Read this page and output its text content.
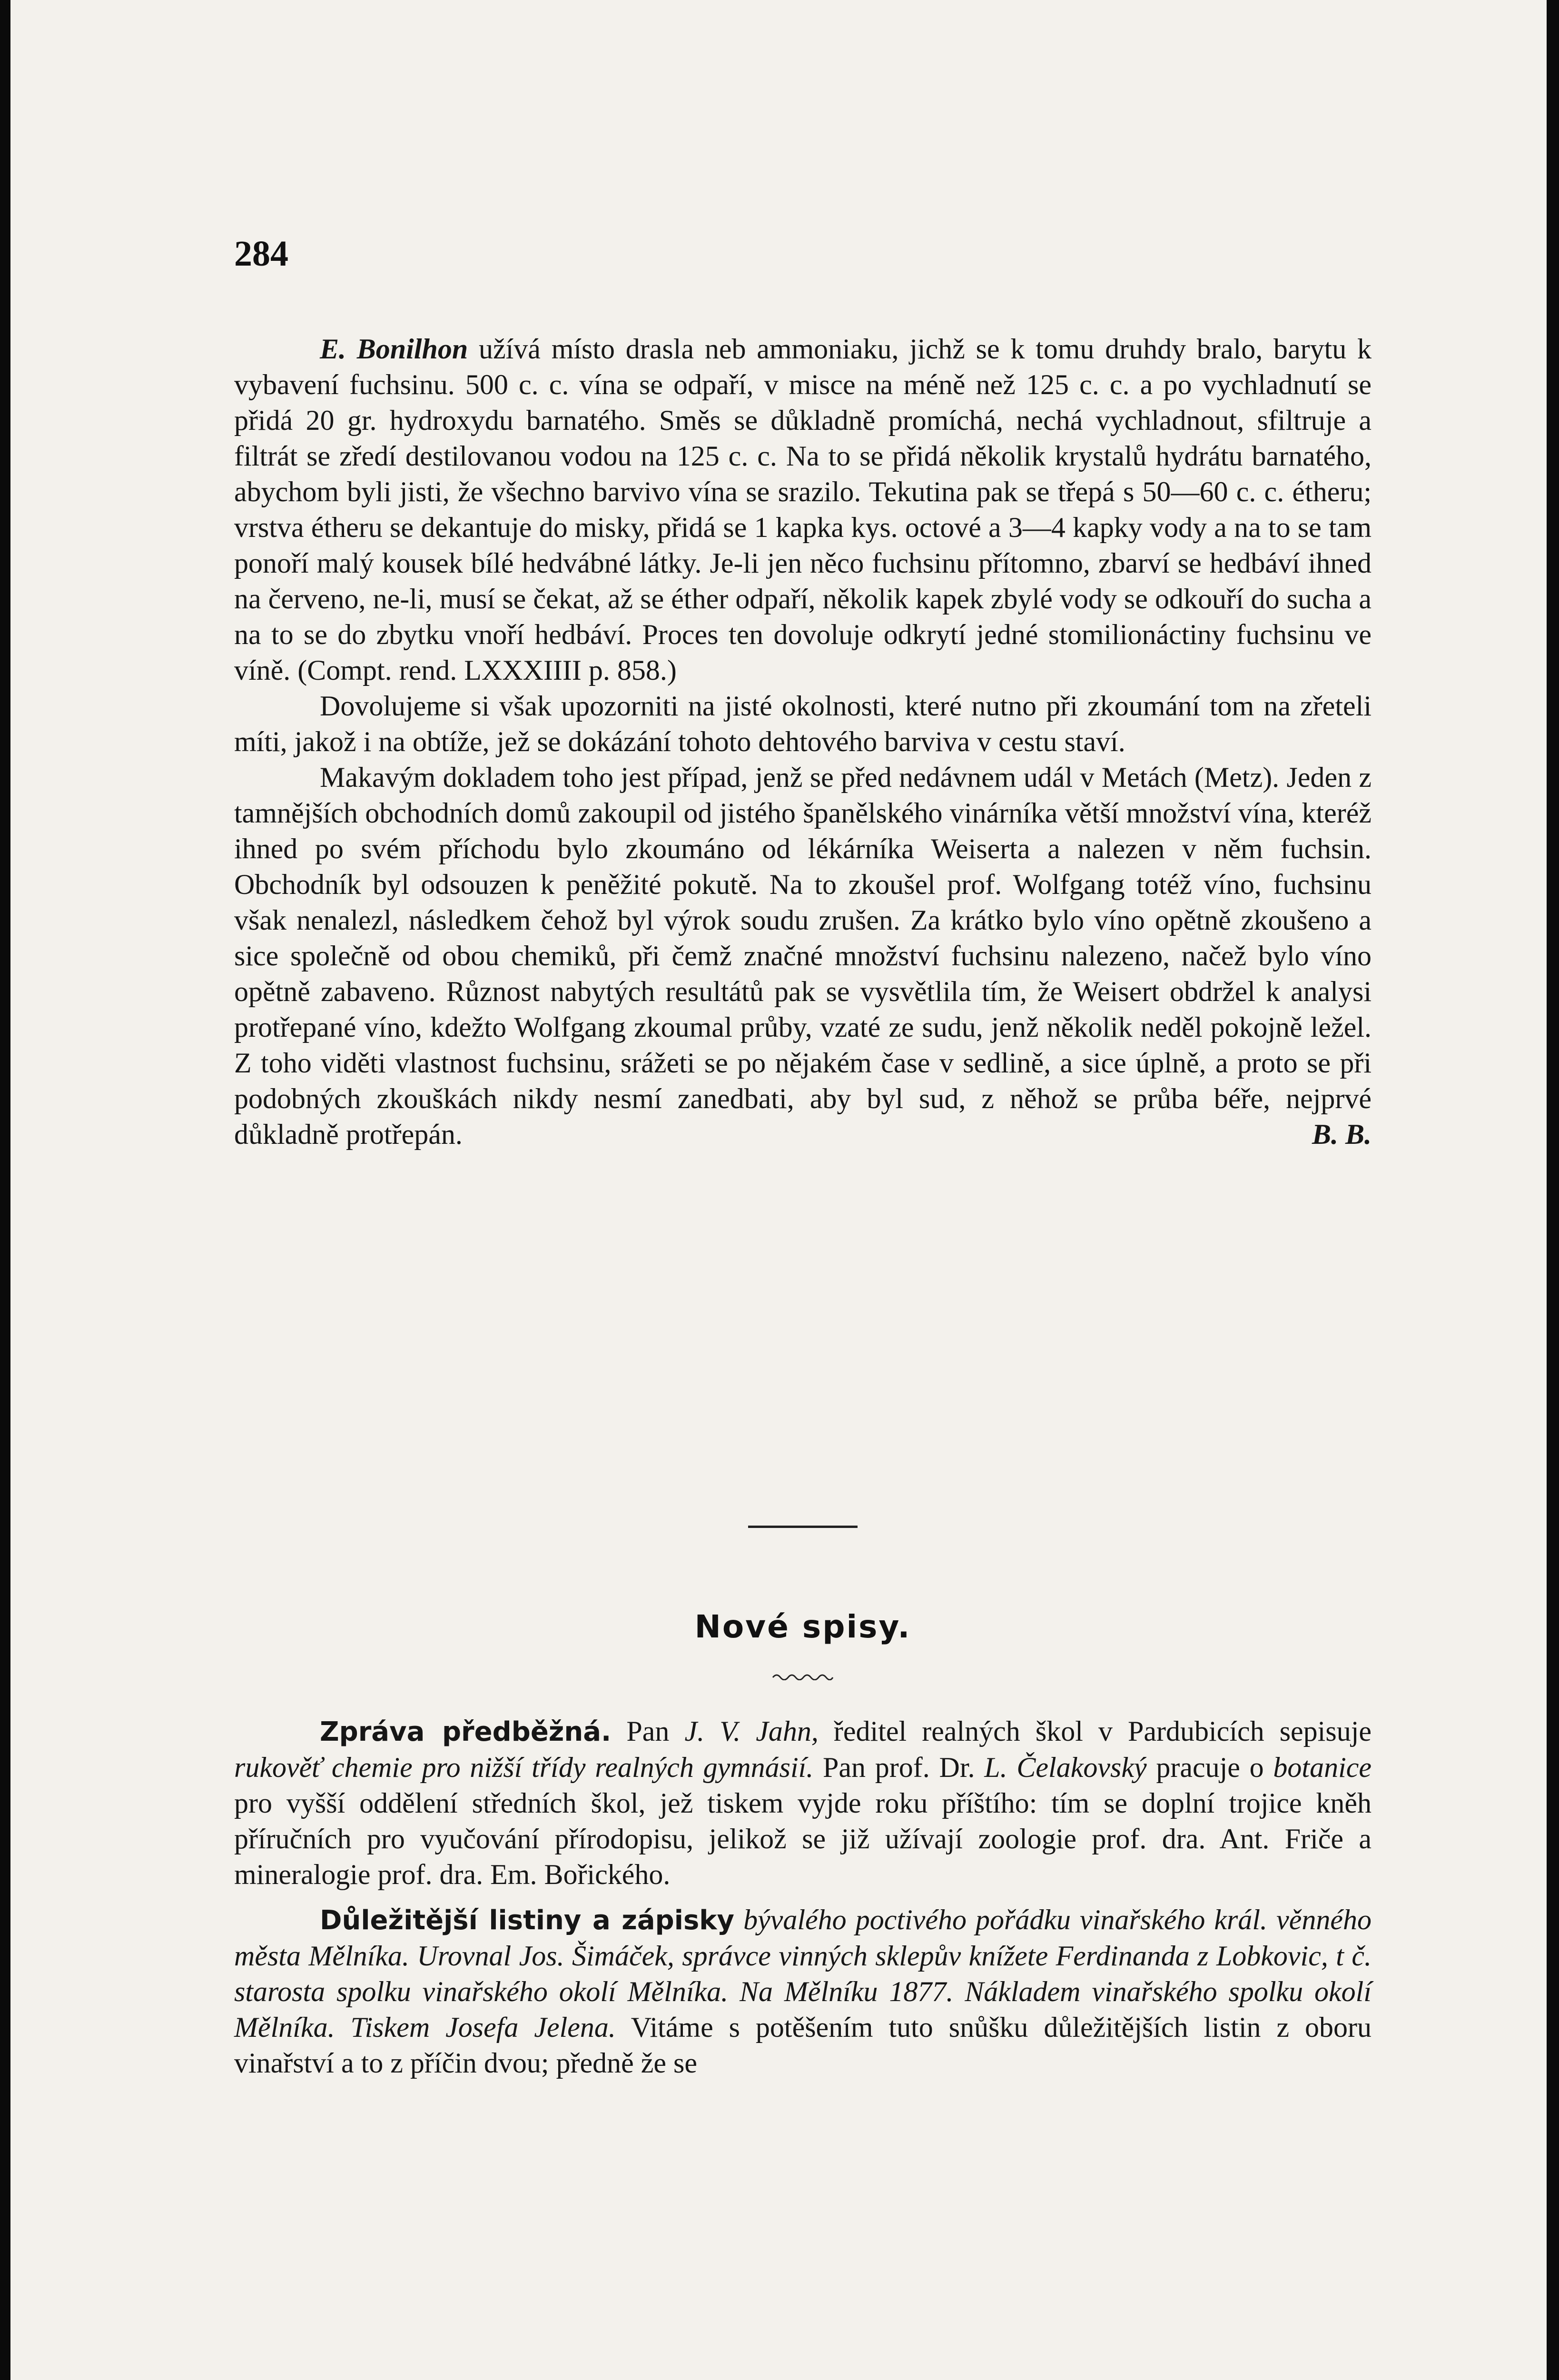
284

E. Bonilhon užívá místo drasla neb ammoniaku, jichž se k tomu druhdy bralo, barytu k vybavení fuchsinu. 500 c. c. vína se odpaří, v misce na méně než 125 c. c. a po vychladnutí se přidá 20 gr. hydroxydu barnatého. Směs se důkladně promíchá, nechá vychladnout, sfiltruje a filtrát se zředí destilovanou vodou na 125 c. c. Na to se přidá několik krystalů hydrátu barnatého, abychom byli jisti, že všechno barvivo vína se srazilo. Tekutina pak se třepá s 50—60 c. c. étheru; vrstva étheru se dekantuje do misky, přidá se 1 kapka kys. octové a 3—4 kapky vody a na to se tam ponoří malý kousek bílé hedvábné látky. Je-li jen něco fuchsinu přítomno, zbarví se hedbáví ihned na červeno, ne-li, musí se čekat, až se éther odpaří, několik kapek zbylé vody se odkouří do sucha a na to se do zbytku vnoří hedbáví. Proces ten dovoluje odkrytí jedné stomilionáctiny fuchsinu ve víně. (Compt. rend. LXXXIIII p. 858.)

Dovolujeme si však upozorniti na jisté okolnosti, které nutno při zkoumání tom na zřeteli míti, jakož i na obtíže, jež se dokázání tohoto dehtového barviva v cestu staví.

Makavým dokladem toho jest případ, jenž se před nedávnem udál v Metách (Metz). Jeden z tamnějších obchodních domů zakoupil od jistého španělského vinárníka větší množství vína, kteréž ihned po svém příchodu bylo zkoumáno od lékárníka Weiserta a nalezen v něm fuchsin. Obchodník byl odsouzen k peněžité pokutě. Na to zkoušel prof. Wolfgang totéž víno, fuchsinu však nenalezl, následkem čehož byl výrok soudu zrušen. Za krátko bylo víno opětně zkoušeno a sice společně od obou chemiků, při čemž značné množství fuchsinu nalezeno, načež bylo víno opětně zabaveno. Různost nabytých resultátů pak se vysvětlila tím, že Weisert obdržel k analysi protřepané víno, kdežto Wolfgang zkoumal průby, vzaté ze sudu, jenž několik neděl pokojně ležel. Z toho viděti vlastnost fuchsinu, srážeti se po nějakém čase v sedlině, a sice úplně, a proto se při podobných zkouškách nikdy nesmí zanedbati, aby byl sud, z něhož se průba béře, nejprvé důkladně protřepán.	B. B.

Nové spisy.

Zpráva předběžná. Pan J. V. Jahn, ředitel realných škol v Pardubicích sepisuje rukověť chemie pro nižší třídy realných gymnásií. Pan prof. Dr. L. Čelakovský pracuje o botanice pro vyšší oddělení středních škol, jež tiskem vyjde roku příštího: tím se doplní trojice kněh příručních pro vyučování přírodopisu, jelikož se již užívají zoologie prof. dra. Ant. Friče a mineralogie prof. dra. Em. Bořického.

Důležitější listiny a zápisky bývalého poctivého pořádku vinařského král. věnného města Mělníka. Urovnal Jos. Šimáček, správce vinných sklepův knížete Ferdinanda z Lobkovic, t č. starosta spolku vinařského okolí Mělníka. Na Mělníku 1877. Nákladem vinařského spolku okolí Mělníka. Tiskem Josefa Jelena. Vitáme s potěšením tuto snůšku důležitějších listin z oboru vinařství a to z příčin dvou; předně že se
